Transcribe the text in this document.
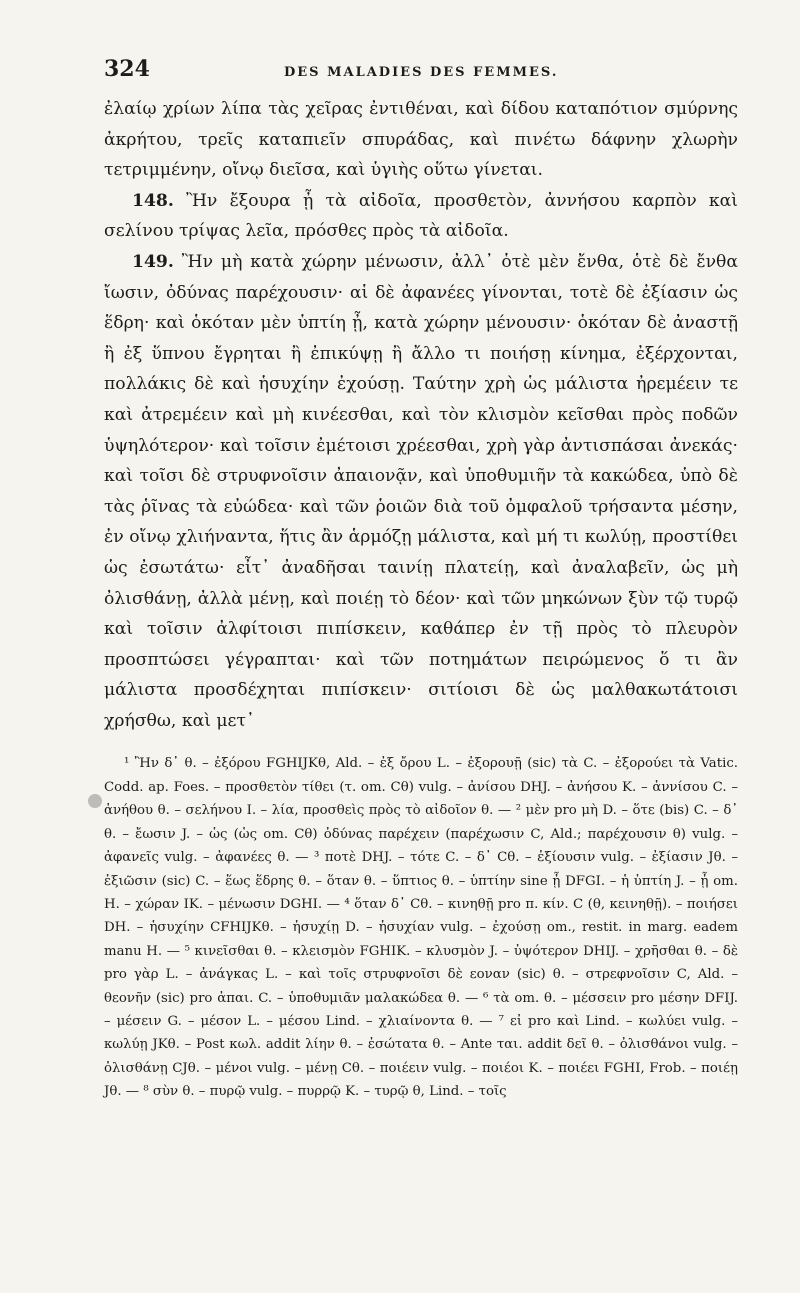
324	DES MALADIES DES FEMMES.

ἐλαίῳ χρίων λίπα τὰς χεῖρας ἐντιθέναι, καὶ δίδου καταπότιον σμύρνης ἀκρήτου, τρεῖς καταπιεῖν σπυράδας, καὶ πινέτω δάφνην χλωρὴν τετριμμένην, οἴνῳ διεῖσα, καὶ ὑγιὴς οὕτω γίνεται.

148. Ἢν ἔξουρα ᾖ τὰ αἰδοῖα, προσθετὸν, ἀννήσου καρπὸν καὶ σελίνου τρίψας λεῖα, πρόσθες πρὸς τὰ αἰδοῖα.

149. Ἢν μὴ κατὰ χώρην μένωσιν, ἀλλ᾽ ὁτὲ μὲν ἔνθα, ὁτὲ δὲ ἔνθα ἴωσιν, ὀδύνας παρέχουσιν· αἱ δὲ ἀφανέες γίνονται, τοτὲ δὲ ἐξίασιν ὡς ἕδρη· καὶ ὁκόταν μὲν ὑπτίη ᾖ, κατὰ χώρην μένουσιν· ὁκόταν δὲ ἀναστῇ ἢ ἐξ ὕπνου ἔγρηται ἢ ἐπικύψῃ ἢ ἄλλο τι ποιήσῃ κίνημα, ἐξέρχονται, πολλάκις δὲ καὶ ἡσυχίην ἐχούσῃ. Ταύτην χρὴ ὡς μάλιστα ἠρεμέειν τε καὶ ἀτρεμέειν καὶ μὴ κινέεσθαι, καὶ τὸν κλισμὸν κεῖσθαι πρὸς ποδῶν ὑψηλότερον· καὶ τοῖσιν ἐμέτοισι χρέεσθαι, χρὴ γὰρ ἀντισπάσαι ἀνεκάς· καὶ τοῖσι δὲ στρυφνοῖσιν ἀπαιονᾷν, καὶ ὑποθυμιῆν τὰ κακώδεα, ὑπὸ δὲ τὰς ῥῖνας τὰ εὐώδεα· καὶ τῶν ῥοιῶν διὰ τοῦ ὀμφαλοῦ τρήσαντα μέσην, ἐν οἴνῳ χλιήναντα, ἥτις ἂν ἁρμόζῃ μάλιστα, καὶ μή τι κωλύῃ, προστίθει ὡς ἐσωτάτω· εἶτ᾽ ἀναδῆσαι ταινίῃ πλατείῃ, καὶ ἀναλαβεῖν, ὡς μὴ ὀλισθάνῃ, ἀλλὰ μένῃ, καὶ ποιέῃ τὸ δέον· καὶ τῶν μηκώνων ξὺν τῷ τυρῷ καὶ τοῖσιν ἀλφίτοισι πιπίσκειν, καθάπερ ἐν τῇ πρὸς τὸ πλευρὸν προσπτώσει γέγραπται· καὶ τῶν ποτημάτων πειρώμενος ὅ τι ἂν μάλιστα προσδέχηται πιπίσκειν· σιτίοισι δὲ ὡς μαλθακωτάτοισι χρήσθω, καὶ μετ᾽

¹ Ἢν δ᾽ θ. – ἐξόρου FGHIJKθ, Ald. – ἐξ ὄρου L. – ἐξορουῇ (sic) τὰ C. – ἐξορούει τὰ Vatic. Codd. ap. Foes. – προσθετὸν τίθει (τ. om. Cθ) vulg. – ἀνίσου DHJ. – ἀνήσου K. – ἀννίσου C. – ἀνήθου θ. – σελήνου I. – λία, προσθεὶς πρὸς τὸ αἰδοῖον θ. — ² μὲν pro μὴ D. – ὅτε (bis) C. – δ᾽ θ. – ἔωσιν J. – ὡς (ὡς om. Cθ) ὀδύνας παρέχειν (παρέχωσιν C, Ald.; παρέχουσιν θ) vulg. – ἀφανεῖς vulg. – ἀφανέες θ. — ³ ποτὲ DHJ. – τότε C. – δ᾽ Cθ. – ἐξίουσιν vulg. – ἐξίασιν Jθ. – ἐξιῶσιν (sic) C. – ἕως ἕδρης θ. – ὅταν θ. – ὕπτιος θ. – ὑπτίην sine ᾖ DFGI. – ἡ ὑπτίη J. – ᾖ om. H. – χώραν IK. – μένωσιν DGHI. — ⁴ ὅταν δ᾽ Cθ. – κινηθῇ pro π. κίν. C (θ, κεινηθῇ). – ποιήσει DH. – ἡσυχίην CFHIJKθ. – ἡσυχίῃ D. – ἡσυχίαν vulg. – ἐχούσῃ om., restit. in marg. eadem manu H. — ⁵ κινεῖσθαι θ. – κλεισμὸν FGHIK. – κλυσμὸν J. – ὑψότερον DHIJ. – χρῆσθαι θ. – δὲ pro γὰρ L. – ἀνάγκας L. – καὶ τοῖς στρυφνοῖσι δὲ εοναν (sic) θ. – στρεφνοῖσιν C, Ald. – θεονῆν (sic) pro ἀπαι. C. – ὑποθυμιᾶν μαλακώδεα θ. — ⁶ τὰ om. θ. – μέσσειν pro μέσην DFIJ. – μέσειν G. – μέσον L. – μέσου Lind. – χλιαίνοντα θ. — ⁷ εἰ pro καὶ Lind. – κωλύει vulg. – κωλύῃ JKθ. – Post κωλ. addit λίην θ. – ἐσώτατα θ. – Ante ται. addit δεῖ θ. – ὀλισθάνοι vulg. – ὀλισθάνῃ CJθ. – μένοι vulg. – μένῃ Cθ. – ποιέειν vulg. – ποιέοι K. – ποιέει FGHI, Frob. – ποιέῃ Jθ. — ⁸ σὺν θ. – πυρῷ vulg. – πυρρῷ K. – τυρῷ θ, Lind. – τοῖς
